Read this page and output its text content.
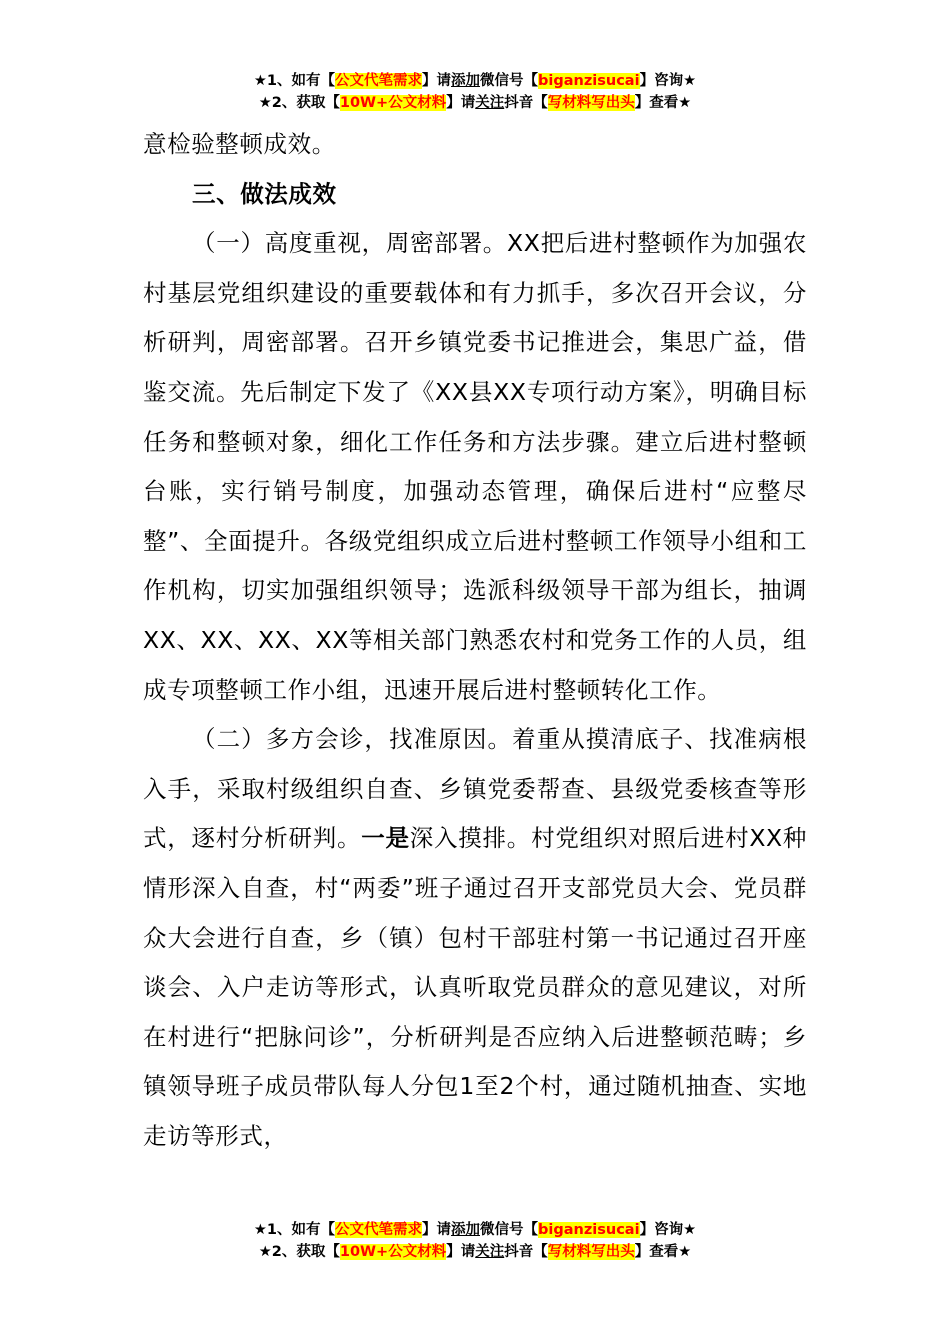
★1、如有【公文代笔需求】请添加微信号【biganzisucai】咨询★
★2、获取【10W+公文材料】请关注抖音【写材料写出头】查看★

意检验整顿成效。

三、做法成效

（一）高度重视，周密部署。XX把后进村整顿作为加强农村基层党组织建设的重要载体和有力抓手，多次召开会议，分析研判，周密部署。召开乡镇党委书记推进会，集思广益，借鉴交流。先后制定下发了《XX县XX专项行动方案》，明确目标任务和整顿对象，细化工作任务和方法步骤。建立后进村整顿台账，实行销号制度，加强动态管理，确保后进村“应整尽整”、全面提升。各级党组织成立后进村整顿工作领导小组和工作机构，切实加强组织领导；选派科级领导干部为组长，抽调XX、XX、XX、XX等相关部门熟悉农村和党务工作的人员，组成专项整顿工作小组，迅速开展后进村整顿转化工作。

（二）多方会诊，找准原因。着重从摸清底子、找准病根入手，采取村级组织自查、乡镇党委帮查、县级党委核查等形式，逐村分析研判。一是深入摸排。村党组织对照后进村XX种情形深入自查，村“两委”班子通过召开支部党员大会、党员群众大会进行自查，乡（镇）包村干部驻村第一书记通过召开座谈会、入户走访等形式，认真听取党员群众的意见建议，对所在村进行“把脉问诊”，分析研判是否应纳入后进整顿范畴；乡镇领导班子成员带队每人分包1至2个村，通过随机抽查、实地走访等形式，

★1、如有【公文代笔需求】请添加微信号【biganzisucai】咨询★
★2、获取【10W+公文材料】请关注抖音【写材料写出头】查看★
